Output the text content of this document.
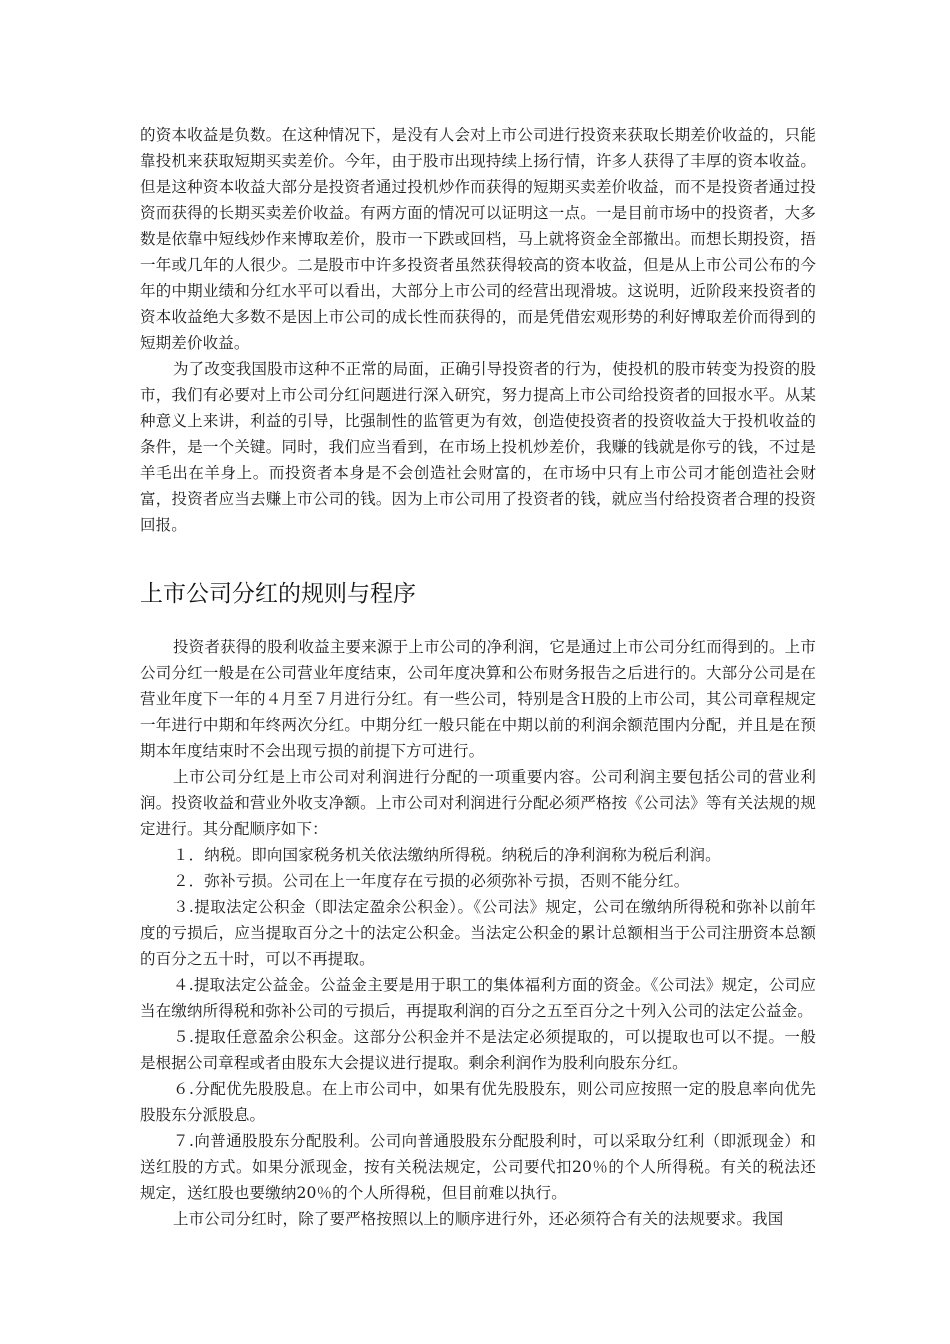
的资本收益是负数。在这种情况下，是没有人会对上市公司进行投资来获取长期差价收益的，只能靠投机来获取短期买卖差价。今年，由于股市出现持续上扬行情，许多人获得了丰厚的资本收益。但是这种资本收益大部分是投资者通过投机炒作而获得的短期买卖差价收益，而不是投资者通过投资而获得的长期买卖差价收益。有两方面的情况可以证明这一点。一是目前市场中的投资者，大多数是依靠中短线炒作来博取差价，股市一下跌或回档，马上就将资金全部撤出。而想长期投资，捂一年或几年的人很少。二是股市中许多投资者虽然获得较高的资本收益，但是从上市公司公布的今年的中期业绩和分红水平可以看出，大部分上市公司的经营出现滑坡。这说明，近阶段来投资者的资本收益绝大多数不是因上市公司的成长性而获得的，而是凭借宏观形势的利好博取差价而得到的短期差价收益。

为了改变我国股市这种不正常的局面，正确引导投资者的行为，使投机的股市转变为投资的股市，我们有必要对上市公司分红问题进行深入研究，努力提高上市公司给投资者的回报水平。从某种意义上来讲，利益的引导，比强制性的监管更为有效，创造使投资者的投资收益大于投机收益的条件，是一个关键。同时，我们应当看到，在市场上投机炒差价，我赚的钱就是你亏的钱，不过是羊毛出在羊身上。而投资者本身是不会创造社会财富的，在市场中只有上市公司才能创造社会财富，投资者应当去赚上市公司的钱。因为上市公司用了投资者的钱，就应当付给投资者合理的投资回报。

上市公司分红的规则与程序

投资者获得的股利收益主要来源于上市公司的净利润，它是通过上市公司分红而得到的。上市公司分红一般是在公司营业年度结束，公司年度决算和公布财务报告之后进行的。大部分公司是在营业年度下一年的４月至７月进行分红。有一些公司，特别是含Ｈ股的上市公司，其公司章程规定一年进行中期和年终两次分红。中期分红一般只能在中期以前的利润余额范围内分配，并且是在预期本年度结束时不会出现亏损的前提下方可进行。

上市公司分红是上市公司对利润进行分配的一项重要内容。公司利润主要包括公司的营业利润。投资收益和营业外收支净额。上市公司对利润进行分配必须严格按《公司法》等有关法规的规定进行。其分配顺序如下：

１．纳税。即向国家税务机关依法缴纳所得税。纳税后的净利润称为税后利润。

２．弥补亏损。公司在上一年度存在亏损的必须弥补亏损，否则不能分红。

３.提取法定公积金（即法定盈余公积金）。《公司法》规定，公司在缴纳所得税和弥补以前年度的亏损后，应当提取百分之十的法定公积金。当法定公积金的累计总额相当于公司注册资本总额的百分之五十时，可以不再提取。

４.提取法定公益金。公益金主要是用于职工的集体福利方面的资金。《公司法》规定，公司应当在缴纳所得税和弥补公司的亏损后，再提取利润的百分之五至百分之十列入公司的法定公益金。

５.提取任意盈余公积金。这部分公积金并不是法定必须提取的，可以提取也可以不提。一般是根据公司章程或者由股东大会提议进行提取。剩余利润作为股利向股东分红。

６.分配优先股股息。在上市公司中，如果有优先股股东，则公司应按照一定的股息率向优先股股东分派股息。

７.向普通股股东分配股利。公司向普通股股东分配股利时，可以采取分红利（即派现金）和送红股的方式。如果分派现金，按有关税法规定，公司要代扣20％的个人所得税。有关的税法还规定，送红股也要缴纳20％的个人所得税，但目前难以执行。

上市公司分红时，除了要严格按照以上的顺序进行外，还必须符合有关的法规要求。我国
